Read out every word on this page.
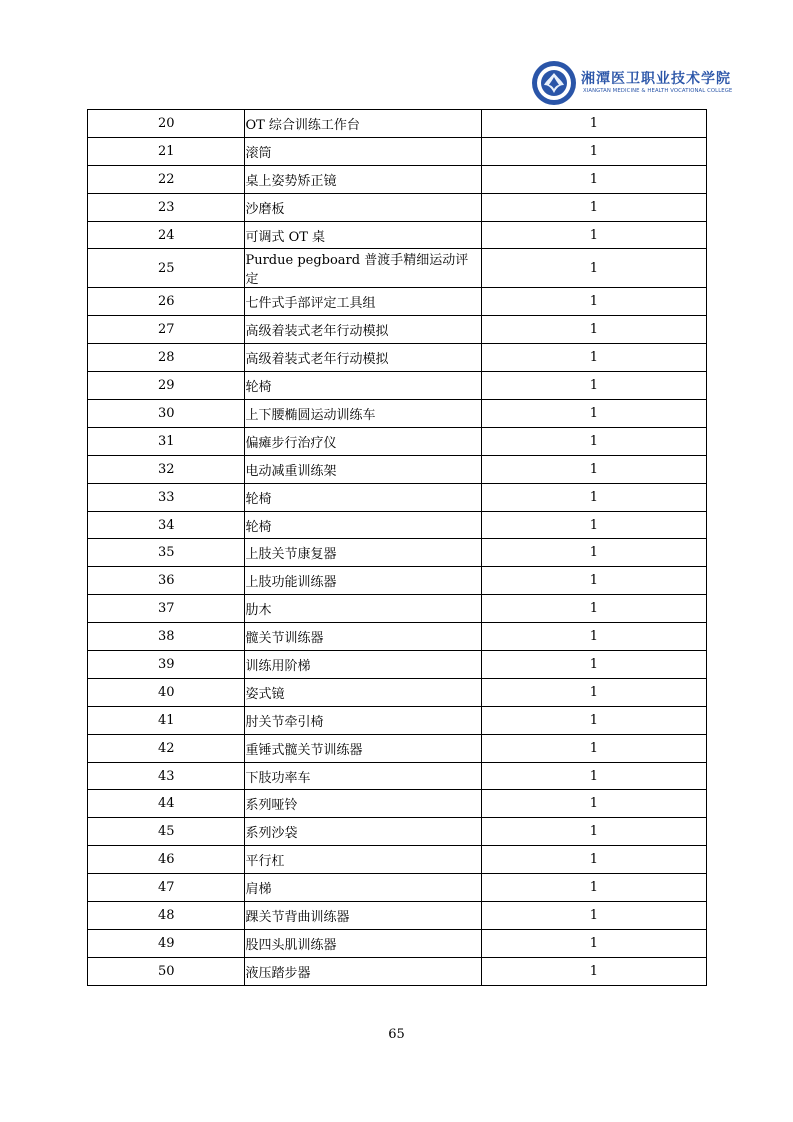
湘潭医卫职业技术学院
XIANGTAN MEDICINE & HEALTH VOCATIONAL COLLEGE
20	OT 综合训练工作台	1
21	滚筒	1
22	桌上姿势矫正镜	1
23	沙磨板	1
24	可调式 OT 桌	1
25	Purdue pegboard 普渡手精细运动评定	1
26	七件式手部评定工具组	1
27	高级着装式老年行动模拟	1
28	高级着装式老年行动模拟	1
29	轮椅	1
30	上下腰椭圆运动训练车	1
31	偏瘫步行治疗仪	1
32	电动减重训练架	1
33	轮椅	1
34	轮椅	1
35	上肢关节康复器	1
36	上肢功能训练器	1
37	肋木	1
38	髋关节训练器	1
39	训练用阶梯	1
40	姿式镜	1
41	肘关节牵引椅	1
42	重锤式髋关节训练器	1
43	下肢功率车	1
44	系列哑铃	1
45	系列沙袋	1
46	平行杠	1
47	肩梯	1
48	踝关节背曲训练器	1
49	股四头肌训练器	1
50	液压踏步器	1
65
